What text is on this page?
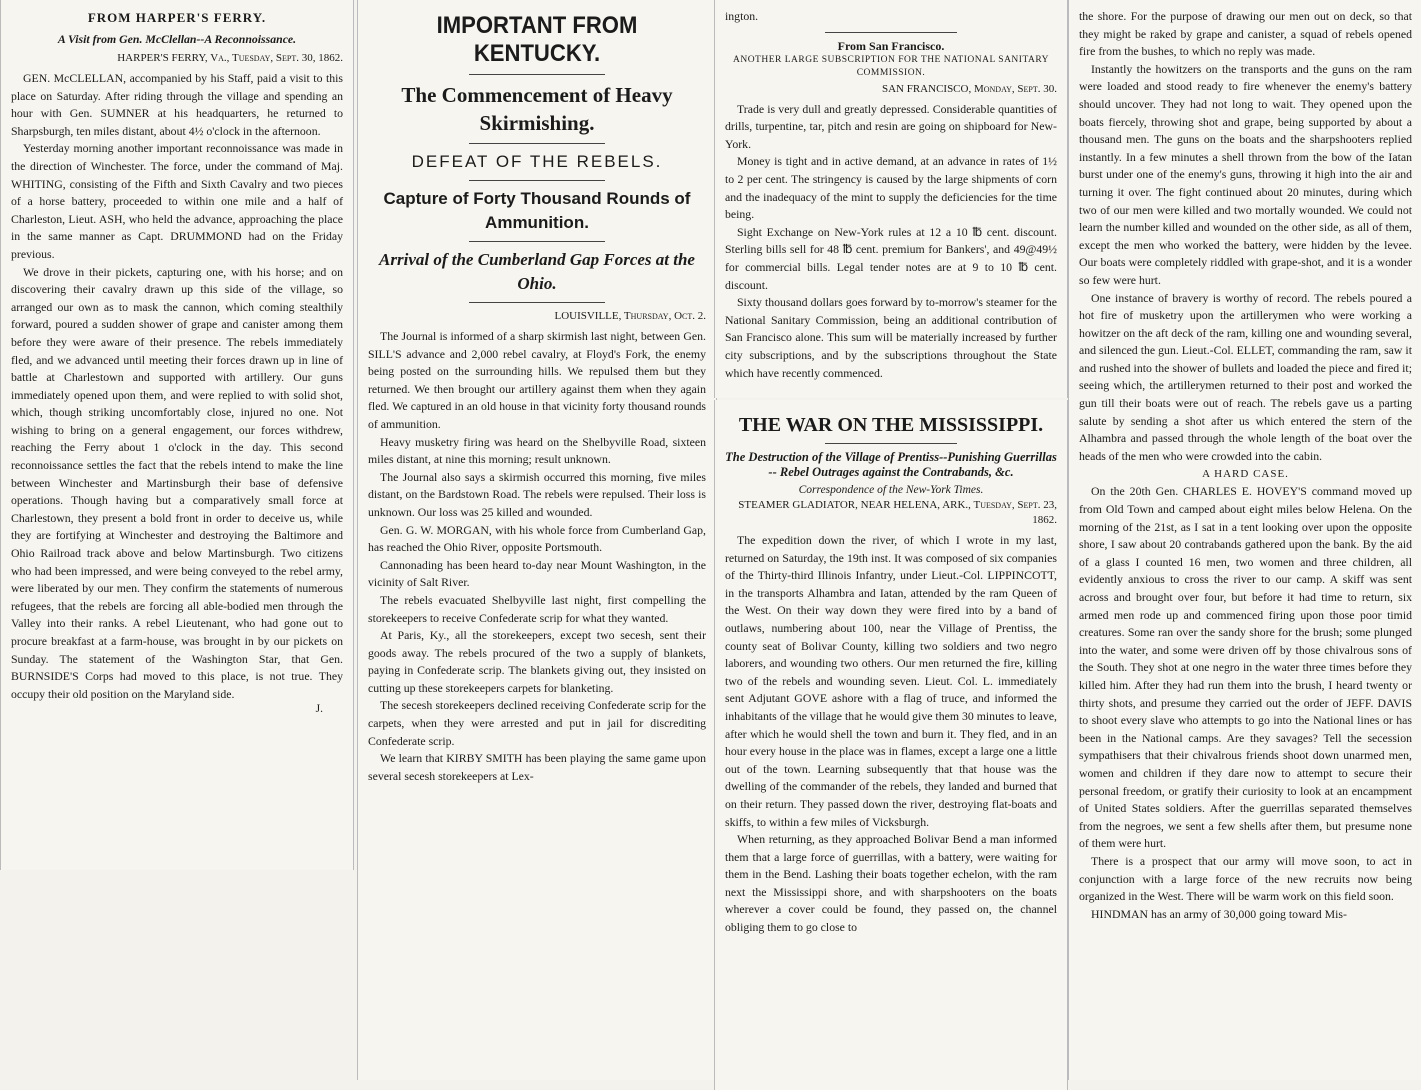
FROM HARPER'S FERRY.
A Visit from Gen. McClellan--A Reconnoissance.
HARPER'S FERRY, Va., Tuesday, Sept. 30, 1862.

GEN. McCLELLAN, accompanied by his Staff, paid a visit to this place on Saturday. After riding through the village and spending an hour with Gen. SUMNER at his headquarters, he returned to Sharpsburgh, ten miles distant, about 4½ o'clock in the afternoon.

Yesterday morning another important reconnoissance was made in the direction of Winchester. The force, under the command of Maj. WHITING, consisting of the Fifth and Sixth Cavalry and two pieces of a horse battery, proceeded to within one mile and a half of Charleston, Lieut. ASH, who held the advance, approaching the place in the same manner as Capt. DRUMMOND had on the Friday previous.

We drove in their pickets, capturing one, with his horse; and on discovering their cavalry drawn up this side of the village, so arranged our own as to mask the cannon, which coming stealthily forward, poured a sudden shower of grape and canister among them before they were aware of their presence. The rebels immediately fled, and we advanced until meeting their forces drawn up in line of battle at Charlestown and supported with artillery. Our guns immediately opened upon them, and were replied to with solid shot, which, though striking uncomfortably close, injured no one. Not wishing to bring on a general engagement, our forces withdrew, reaching the Ferry about 1 o'clock in the day. This second reconnoissance settles the fact that the rebels intend to make the line between Winchester and Martinsburgh their base of defensive operations. Though having but a comparatively small force at Charlestown, they present a bold front in order to deceive us, while they are fortifying at Winchester and destroying the Baltimore and Ohio Railroad track above and below Martinsburgh. Two citizens who had been impressed, and were being conveyed to the rebel army, were liberated by our men. They confirm the statements of numerous refugees, that the rebels are forcing all able-bodied men through the Valley into their ranks. A rebel Lieutenant, who had gone out to procure breakfast at a farm-house, was brought in by our pickets on Sunday. The statement of the Washington Star, that Gen. BURNSIDE'S Corps had moved to this place, is not true. They occupy their old position on the Maryland side.

J.
IMPORTANT FROM KENTUCKY.
The Commencement of Heavy Skirmishing.
DEFEAT OF THE REBELS.
Capture of Forty Thousand Rounds of Ammunition.
Arrival of the Cumberland Gap Forces at the Ohio.
LOUISVILLE, Thursday, Oct. 2.

The Journal is informed of a sharp skirmish last night, between Gen. SILL'S advance and 2,000 rebel cavalry, at Floyd's Fork, the enemy being posted on the surrounding hills. We repulsed them but they returned. We then brought our artillery against them when they again fled. We captured in an old house in that vicinity forty thousand rounds of ammunition.

Heavy musketry firing was heard on the Shelbyville Road, sixteen miles distant, at nine this morning; result unknown.

The Journal also says a skirmish occurred this morning, five miles distant, on the Bardstown Road. The rebels were repulsed. Their loss is unknown. Our loss was 25 killed and wounded.

Gen. G. W. MORGAN, with his whole force from Cumberland Gap, has reached the Ohio River, opposite Portsmouth.

Cannonading has been heard to-day near Mount Washington, in the vicinity of Salt River.

The rebels evacuated Shelbyville last night, first compelling the storekeepers to receive Confederate scrip for what they wanted.

At Paris, Ky., all the storekeepers, except two secesh, sent their goods away. The rebels procured of the two a supply of blankets, paying in Confederate scrip. The blankets giving out, they insisted on cutting up these storekeepers carpets for blanketing.

The secesh storekeepers declined receiving Confederate scrip for the carpets, when they were arrested and put in jail for discrediting Confederate scrip.

We learn that KIRBY SMITH has been playing the same game upon several secesh storekeepers at Lex-

ington.

From San Francisco.
ANOTHER LARGE SUBSCRIPTION FOR THE NATIONAL SANITARY COMMISSION.
SAN FRANCISCO, Monday, Sept. 30.

Trade is very dull and greatly depressed. Considerable quantities of drills, turpentine, tar, pitch and resin are going on shipboard for New-York.

Money is tight and in active demand, at an advance in rates of 1½ to 2 per cent. The stringency is caused by the large shipments of corn and the inadequacy of the mint to supply the deficiencies for the time being.

Sight Exchange on New-York rules at 12 a 10 ℔ cent. discount. Sterling bills sell for 48 ℔ cent. premium for Bankers', and 49@49½ for commercial bills. Legal tender notes are at 9 to 10 ℔ cent. discount.

Sixty thousand dollars goes forward by to-morrow's steamer for the National Sanitary Commission, being an additional contribution of San Francisco alone. This sum will be materially increased by further city subscriptions, and by the subscriptions throughout the State which have recently commenced.

THE WAR ON THE MISSISSIPPI.
The Destruction of the Village of Prentiss--Punishing Guerrillas -- Rebel Outrages against the Contrabands, &c.
Correspondence of the New-York Times.
STEAMER GLADIATOR, NEAR HELENA, ARK., Tuesday, Sept. 23, 1862.

The expedition down the river, of which I wrote in my last, returned on Saturday, the 19th inst. It was composed of six companies of the Thirty-third Illinois Infantry, under Lieut.-Col. LIPPINCOTT, in the transports Alhambra and Iatan, attended by the ram Queen of the West. On their way down they were fired into by a band of outlaws, numbering about 100, near the Village of Prentiss, the county seat of Bolivar County, killing two soldiers and two negro laborers, and wounding two others. Our men returned the fire, killing two of the rebels and wounding seven. Lieut. Col. L. immediately sent Adjutant GOVE ashore with a flag of truce, and informed the inhabitants of the village that he would give them 30 minutes to leave, after which he would shell the town and burn it. They fled, and in an hour every house in the place was in flames, except a large one a little out of the town. Learning subsequently that that house was the dwelling of the commander of the rebels, they landed and burned that on their return. They passed down the river, destroying flat-boats and skiffs, to within a few miles of Vicksburgh.

When returning, as they approached Bolivar Bend a man informed them that a large force of guerrillas, with a battery, were waiting for them in the Bend. Lashing their boats together echelon, with the ram next the Mississippi shore, and with sharpshooters on the boats wherever a cover could be found, they passed on, the channel obliging them to go close to

the shore. For the purpose of drawing our men out on deck, so that they might be raked by grape and canister, a squad of rebels opened fire from the bushes, to which no reply was made.

Instantly the howitzers on the transports and the guns on the ram were loaded and stood ready to fire whenever the enemy's battery should uncover. They had not long to wait. They opened upon the boats fiercely, throwing shot and grape, being supported by about a thousand men. The guns on the boats and the sharpshooters replied instantly. In a few minutes a shell thrown from the bow of the Iatan burst under one of the enemy's guns, throwing it high into the air and turning it over. The fight continued about 20 minutes, during which two of our men were killed and two mortally wounded. We could not learn the number killed and wounded on the other side, as all of them, except the men who worked the battery, were hidden by the levee. Our boats were completely riddled with grape-shot, and it is a wonder so few were hurt.

One instance of bravery is worthy of record. The rebels poured a hot fire of musketry upon the artillerymen who were working a howitzer on the aft deck of the ram, killing one and wounding several, and silenced the gun. Lieut.-Col. ELLET, commanding the ram, saw it and rushed into the shower of bullets and loaded the piece and fired it; seeing which, the artillerymen returned to their post and worked the gun till their boats were out of reach. The rebels gave us a parting salute by sending a shot after us which entered the stern of the Alhambra and passed through the whole length of the boat over the heads of the men who were crowded into the cabin.

A HARD CASE.

On the 20th Gen. CHARLES E. HOVEY'S command moved up from Old Town and camped about eight miles below Helena. On the morning of the 21st, as I sat in a tent looking over upon the opposite shore, I saw about 20 contrabands gathered upon the bank. By the aid of a glass I counted 16 men, two women and three children, all evidently anxious to cross the river to our camp. A skiff was sent across and brought over four, but before it had time to return, six armed men rode up and commenced firing upon those poor timid creatures. Some ran over the sandy shore for the brush; some plunged into the water, and some were driven off by those chivalrous sons of the South. They shot at one negro in the water three times before they killed him. After they had run them into the brush, I heard twenty or thirty shots, and presume they carried out the order of JEFF. DAVIS to shoot every slave who attempts to go into the National lines or has been in the National camps. Are they savages? Tell the secession sympathisers that their chivalrous friends shoot down unarmed men, women and children if they dare now to attempt to secure their personal freedom, or gratify their curiosity to look at an encampment of United States soldiers. After the guerrillas separated themselves from the negroes, we sent a few shells after them, but presume none of them were hurt.

There is a prospect that our army will move soon, to act in conjunction with a large force of the new recruits now being organized in the West. There will be warm work on this field soon.

HINDMAN has an army of 30,000 going toward Mis-
